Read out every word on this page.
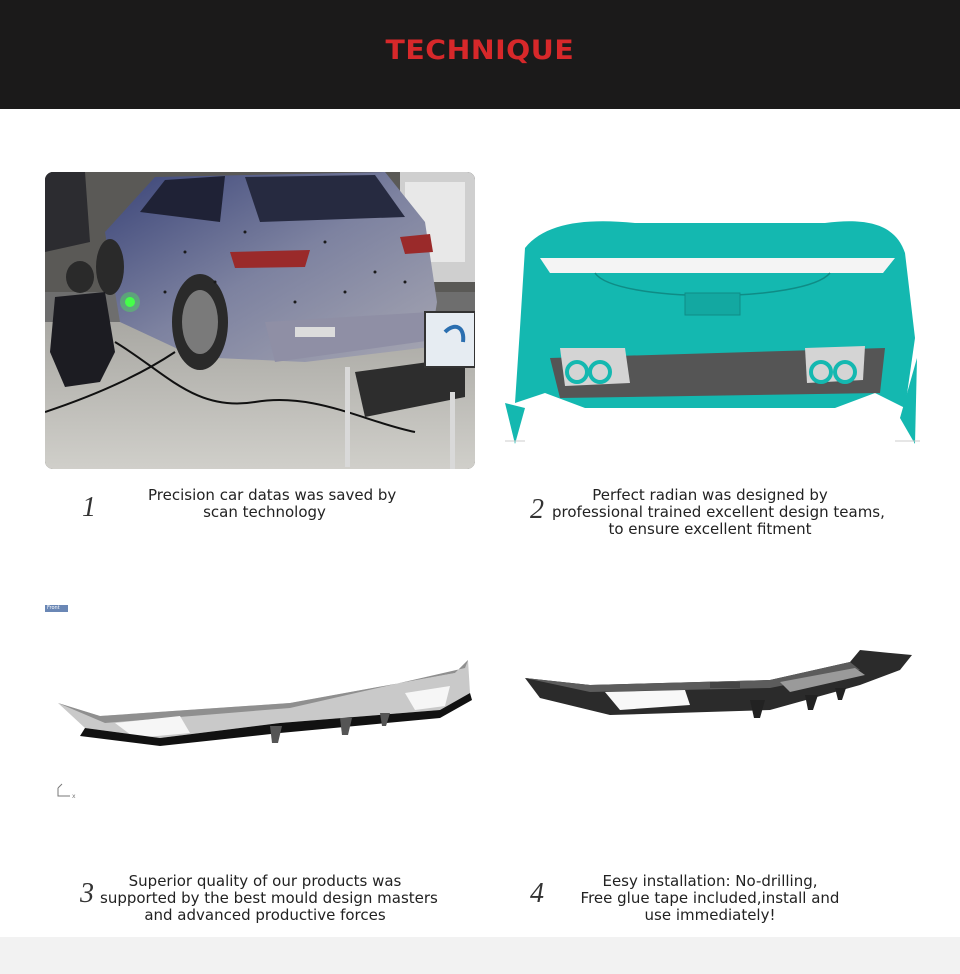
TECHNIQUE
1	Precision car datas was saved by
scan technology	2	Perfect radian was designed by
professional trained excellent design teams,
to ensure excellent fitment
Front
x
3	Superior quality of our products was
supported by the best mould design masters
and advanced productive forces
4	Eesy installation: No-drilling,
Free glue tape included,install and
use immediately!
